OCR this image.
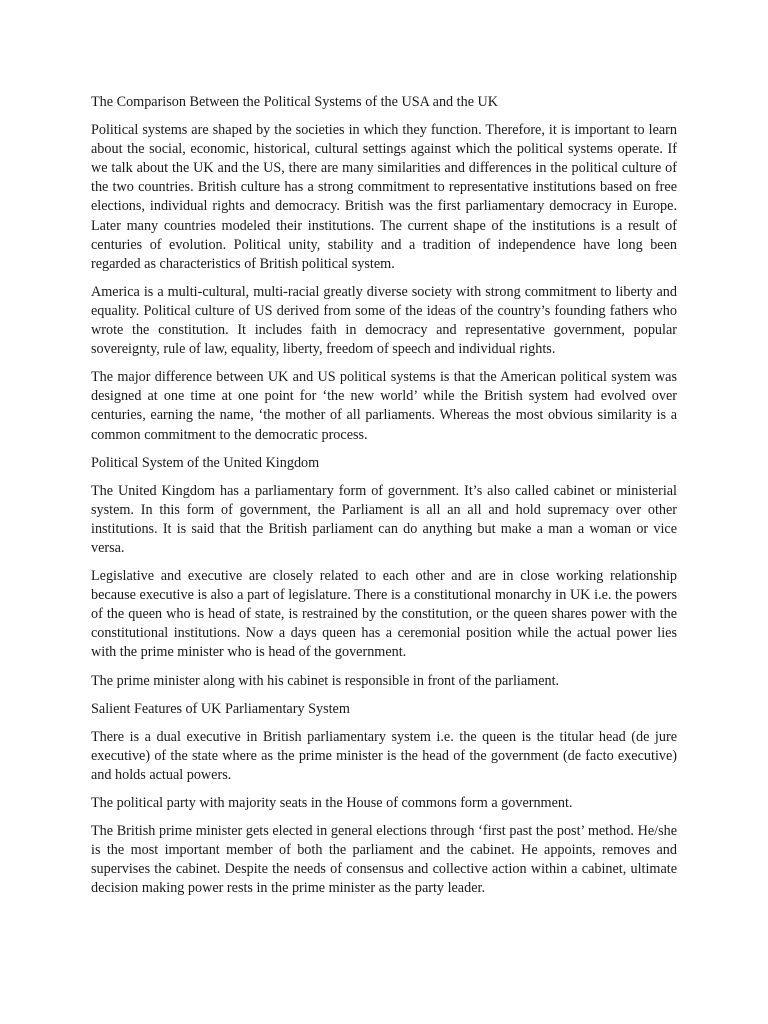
The Comparison Between the Political Systems of the USA and the UK

Political systems are shaped by the societies in which they function. Therefore, it is important to learn about the social, economic, historical, cultural settings against which the political systems operate. If we talk about the UK and the US, there are many similarities and differences in the political culture of the two countries. British culture has a strong commitment to representative institutions based on free elections, individual rights and democracy. British was the first parliamentary democracy in Europe. Later many countries modeled their institutions. The current shape of the institutions is a result of centuries of evolution. Political unity, stability and a tradition of independence have long been regarded as characteristics of British political system.

America is a multi-cultural, multi-racial greatly diverse society with strong commitment to liberty and equality. Political culture of US derived from some of the ideas of the country’s founding fathers who wrote the constitution. It includes faith in democracy and representative government, popular sovereignty, rule of law, equality, liberty, freedom of speech and individual rights.

The major difference between UK and US political systems is that the American political system was designed at one time at one point for ‘the new world’ while the British system had evolved over centuries, earning the name, ‘the mother of all parliaments. Whereas the most obvious similarity is a common commitment to the democratic process.

Political System of the United Kingdom

The United Kingdom has a parliamentary form of government. It’s also called cabinet or ministerial system. In this form of government, the Parliament is all an all and hold supremacy over other institutions. It is said that the British parliament can do anything but make a man a woman or vice versa.

Legislative and executive are closely related to each other and are in close working relationship because executive is also a part of legislature. There is a constitutional monarchy in UK i.e. the powers of the queen who is head of state, is restrained by the constitution, or the queen shares power with the constitutional institutions. Now a days queen has a ceremonial position while the actual power lies with the prime minister who is head of the government.

The prime minister along with his cabinet is responsible in front of the parliament.

Salient Features of UK Parliamentary System

There is a dual executive in British parliamentary system i.e. the queen is the titular head (de jure executive) of the state where as the prime minister is the head of the government (de facto executive) and holds actual powers.

The political party with majority seats in the House of commons form a government.

The British prime minister gets elected in general elections through ‘first past the post’ method. He/she is the most important member of both the parliament and the cabinet. He appoints, removes and supervises the cabinet. Despite the needs of consensus and collective action within a cabinet, ultimate decision making power rests in the prime minister as the party leader.
